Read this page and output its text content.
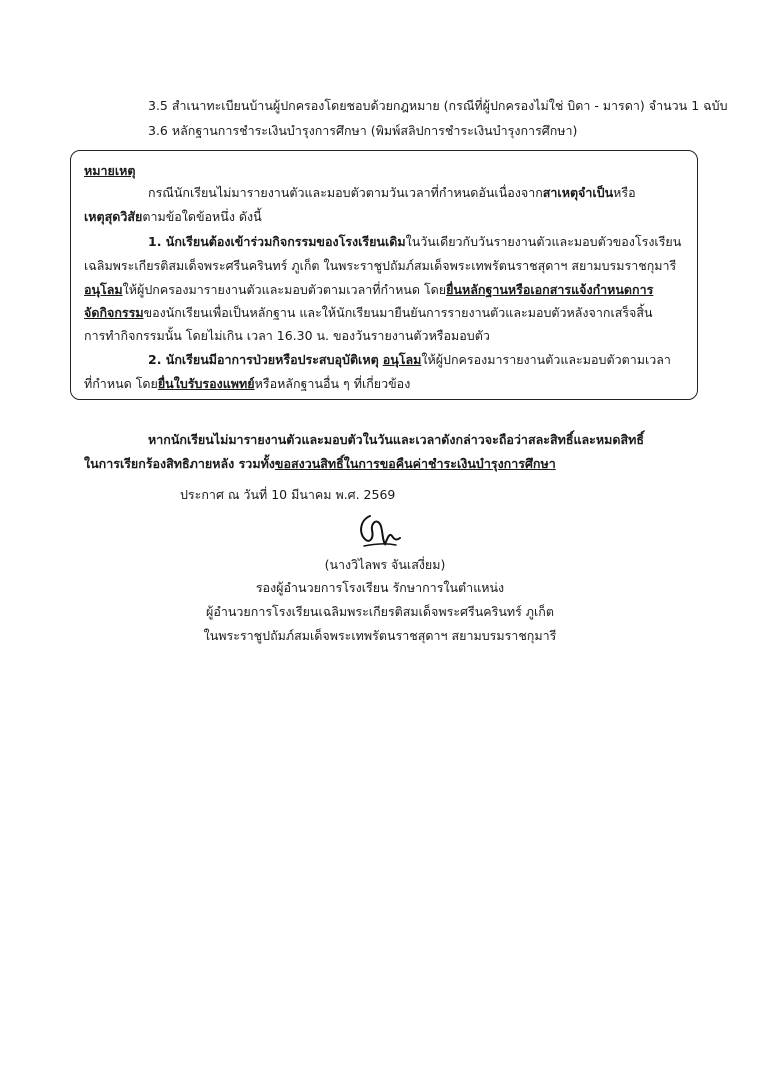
3.5 สำเนาทะเบียนบ้านผู้ปกครองโดยชอบด้วยกฎหมาย (กรณีที่ผู้ปกครองไม่ใช่ บิดา - มารดา) จำนวน 1 ฉบับ
3.6 หลักฐานการชำระเงินบำรุงการศึกษา (พิมพ์สลิปการชำระเงินบำรุงการศึกษา)
หมายเหตุ
กรณีนักเรียนไม่มารายงานตัวและมอบตัวตามวันเวลาที่กำหนดอันเนื่องจากสาเหตุจำเป็นหรือ
เหตุสุดวิสัยตามข้อใดข้อหนึ่ง ดังนี้
1. นักเรียนต้องเข้าร่วมกิจกรรมของโรงเรียนเดิมในวันเดียวกับวันรายงานตัวและมอบตัวของโรงเรียน
เฉลิมพระเกียรติสมเด็จพระศรีนครินทร์ ภูเก็ต ในพระราชูปถัมภ์สมเด็จพระเทพรัตนราชสุดาฯ สยามบรมราชกุมารี
อนุโลมให้ผู้ปกครองมารายงานตัวและมอบตัวตามเวลาที่กำหนด โดยยื่นหลักฐานหรือเอกสารแจ้งกำหนดการ
จัดกิจกรรมของนักเรียนเพื่อเป็นหลักฐาน และให้นักเรียนมายืนยันการรายงานตัวและมอบตัวหลังจากเสร็จสิ้น
การทำกิจกรรมนั้น โดยไม่เกิน เวลา 16.30 น. ของวันรายงานตัวหรือมอบตัว
2. นักเรียนมีอาการป่วยหรือประสบอุบัติเหตุ อนุโลมให้ผู้ปกครองมารายงานตัวและมอบตัวตามเวลา
ที่กำหนด โดยยื่นใบรับรองแพทย์หรือหลักฐานอื่น ๆ ที่เกี่ยวข้อง
หากนักเรียนไม่มารายงานตัวและมอบตัวในวันและเวลาดังกล่าวจะถือว่าสละสิทธิ์และหมดสิทธิ์
ในการเรียกร้องสิทธิภายหลัง รวมทั้งขอสงวนสิทธิ์ในการขอคืนค่าชำระเงินบำรุงการศึกษา
ประกาศ ณ วันที่ 10 มีนาคม พ.ศ. 2569
(นางวิไลพร จันเสงี่ยม)
รองผู้อำนวยการโรงเรียน รักษาการในตำแหน่ง
ผู้อำนวยการโรงเรียนเฉลิมพระเกียรติสมเด็จพระศรีนครินทร์ ภูเก็ต
ในพระราชูปถัมภ์สมเด็จพระเทพรัตนราชสุดาฯ สยามบรมราชกุมารี
